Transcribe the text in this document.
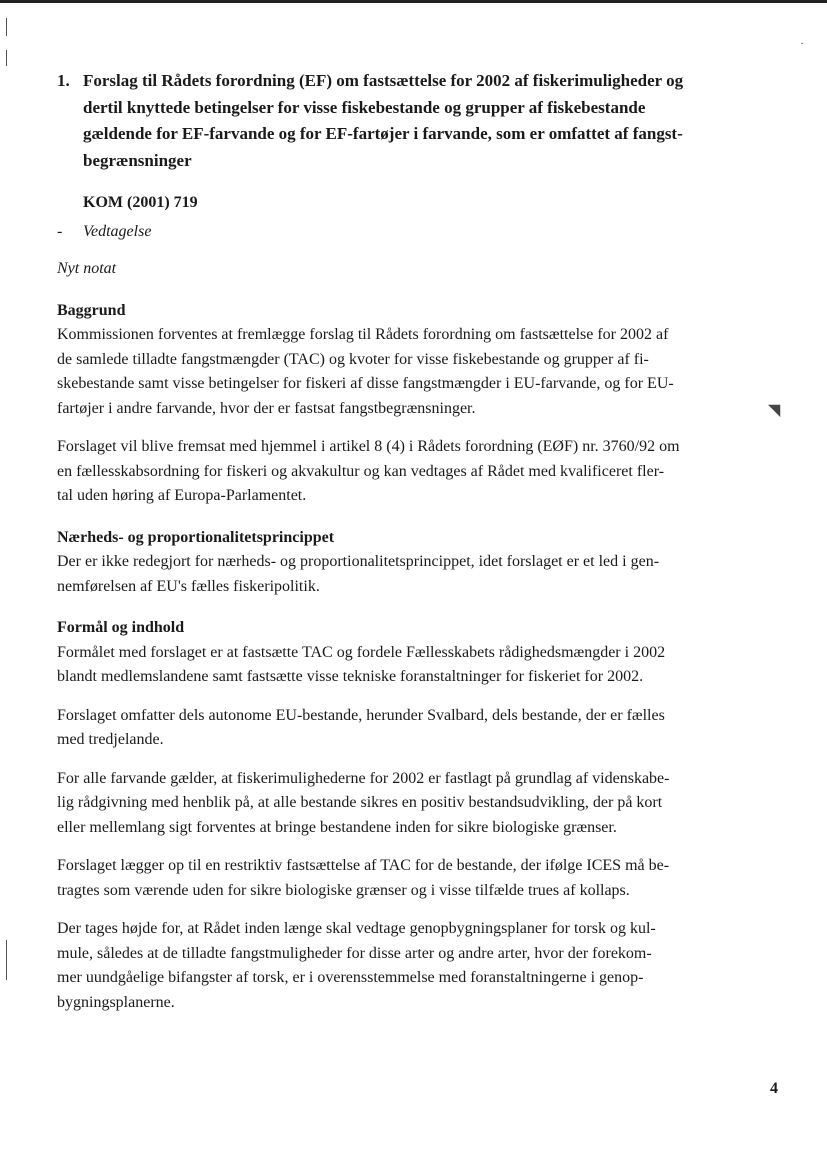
1. Forslag til Rådets forordning (EF) om fastsættelse for 2002 af fiskerimuligheder og
dertil knyttede betingelser for visse fiskebestande og grupper af fiskebestande
gældende for EF-farvande og for EF-fartøjer i farvande, som er omfattet af fangst-
begrænsninger
KOM (2001) 719
- Vedtagelse
Nyt notat
Baggrund
Kommissionen forventes at fremlægge forslag til Rådets forordning om fastsættelse for 2002 af
de samlede tilladte fangstmængder (TAC) og kvoter for visse fiskebestande og grupper af fi-
skebestande samt visse betingelser for fiskeri af disse fangstmængder i EU-farvande, og for EU-
fartøjer i andre farvande, hvor der er fastsat fangstbegrænsninger.
Forslaget vil blive fremsat med hjemmel i artikel 8 (4) i Rådets forordning (EØF) nr. 3760/92 om
en fællesskabsordning for fiskeri og akvakultur og kan vedtages af Rådet med kvalificeret fler-
tal uden høring af Europa-Parlamentet.
Nærheds- og proportionalitetsprincippet
Der er ikke redegjort for nærheds- og proportionalitetsprincippet, idet forslaget er et led i gen-
nemførelsen af EU's fælles fiskeripolitik.
Formål og indhold
Formålet med forslaget er at fastsætte TAC og fordele Fællesskabets rådighedsmængder i 2002
blandt medlemslandene samt fastsætte visse tekniske foranstaltninger for fiskeriet for 2002.
Forslaget omfatter dels autonome EU-bestande, herunder Svalbard, dels bestande, der er fælles
med tredjelande.
For alle farvande gælder, at fiskerimulighederne for 2002 er fastlagt på grundlag af videnskabe-
lig rådgivning med henblik på, at alle bestande sikres en positiv bestandsudvikling, der på kort
eller mellemlang sigt forventes at bringe bestandene inden for sikre biologiske grænser.
Forslaget lægger op til en restriktiv fastsættelse af TAC for de bestande, der ifølge ICES må be-
tragtes som værende uden for sikre biologiske grænser og i visse tilfælde trues af kollaps.
Der tages højde for, at Rådet inden længe skal vedtage genopbygningsplaner for torsk og kul-
mule, således at de tilladte fangstmuligheder for disse arter og andre arter, hvor der forekom-
mer uundgåelige bifangster af torsk, er i overensstemmelse med foranstaltningerne i genop-
bygningsplanerne.
4
·
◥
